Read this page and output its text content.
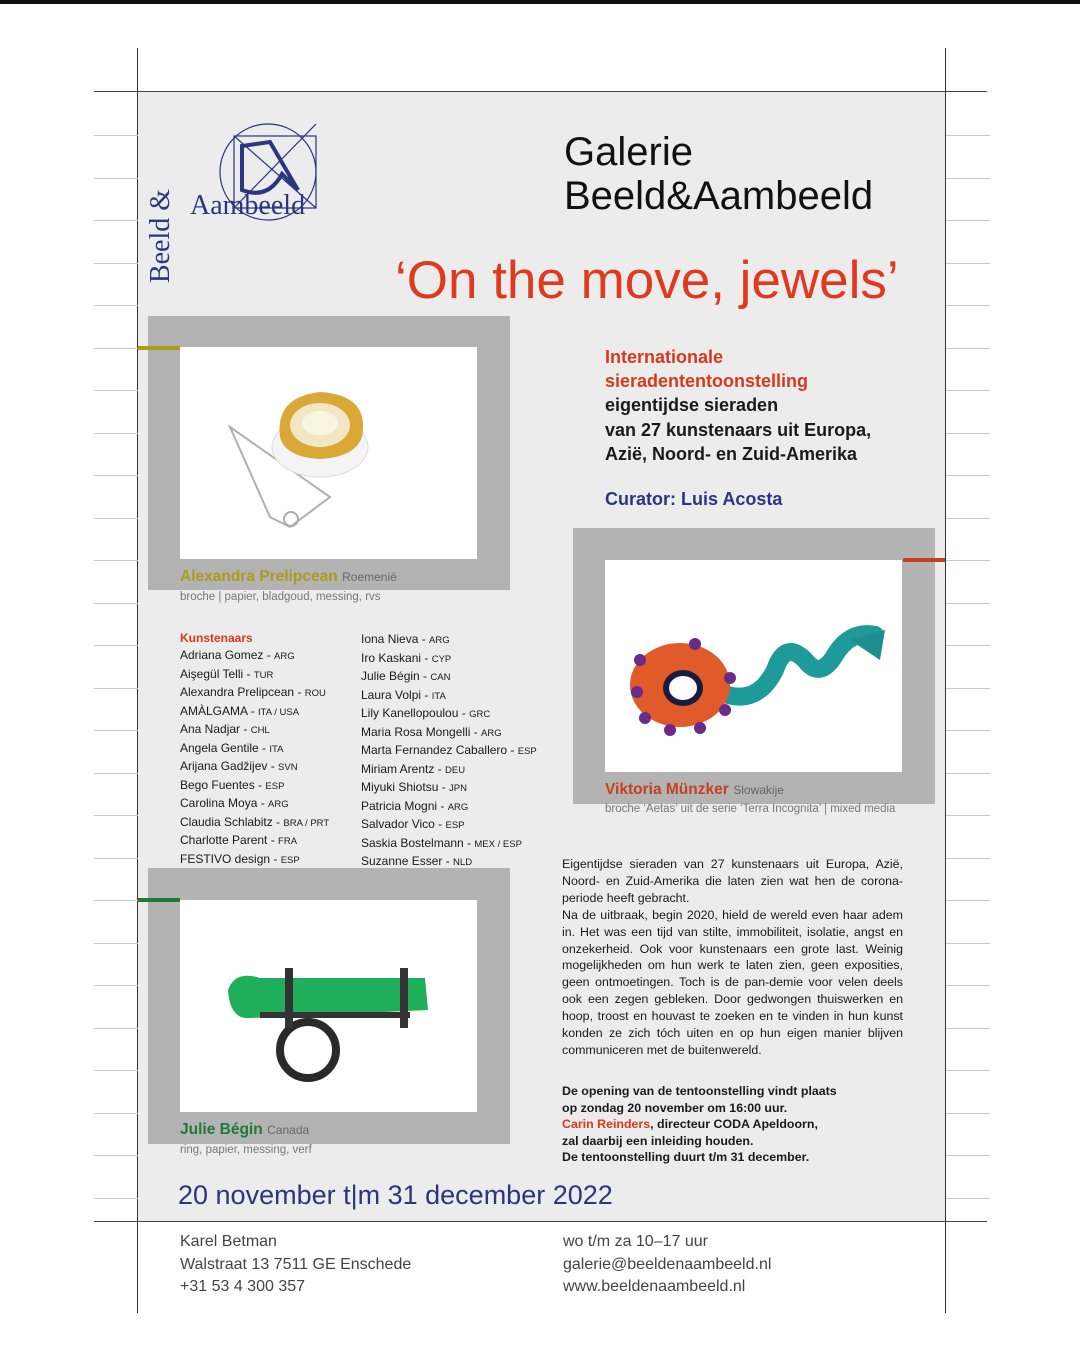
Aambeeld
Beeld &
Galerie
Beeld&Aambeeld
‘On the move, jewels’
Alexandra Prelipcean Roemenië
broche | papier, bladgoud, messing, rvs
Internationale
sieradententoonstelling
eigentijdse sieraden
van 27 kunstenaars uit Europa,
Azië, Noord- en Zuid-Amerika
Curator: Luis Acosta
Viktoria Münzker Slowakije
broche ‘Aetas’ uit de serie ‘Terra Incognita’ | mixed media
Kunstenaars
Adriana Gomez - ARG
Aişegül Telli - TUR
Alexandra Prelipcean - ROU
AMÀLGAMA - ITA / USA
Ana Nadjar - CHL
Angela Gentile - ITA
Arijana Gadžijev - SVN
Bego Fuentes - ESP
Carolina Moya - ARG
Claudia Schlabitz - BRA / PRT
Charlotte Parent - FRA
FESTIVO design - ESP
Iona Nieva - ARG
Iro Kaskani - CYP
Julie Bégin - CAN
Laura Volpi - ITA
Lily Kanellopoulou - GRC
Maria Rosa Mongelli - ARG
Marta Fernandez Caballero - ESP
Miriam Arentz - DEU
Miyuki Shiotsu - JPN
Patricia Mogni - ARG
Salvador Vico - ESP
Saskia Bostelmann - MEX / ESP
Suzanne Esser - NLD
Julie Bégin Canada
ring, papier, messing, verf

Eigentijdse sieraden van 27 kunstenaars uit Europa, Azië, Noord- en Zuid-Amerika die laten zien wat hen de corona-periode heeft gebracht.

Na de uitbraak, begin 2020, hield de wereld even haar adem in. Het was een tijd van stilte, immobiliteit, isolatie, angst en onzekerheid. Ook voor kunstenaars een grote last. Weinig mogelijkheden om hun werk te laten zien, geen exposities, geen ontmoetingen. Toch is de pan-demie voor velen deels ook een zegen gebleken. Door gedwongen thuiswerken en hoop, troost en houvast te zoeken en te vinden in hun kunst konden ze zich tóch uiten en op hun eigen manier blijven communiceren met de buitenwereld.

De opening van de tentoonstelling vindt plaats
op zondag 20 november om 16:00 uur.
Carin Reinders, directeur CODA Apeldoorn,
zal daarbij een inleiding houden.
De tentoonstelling duurt t/m 31 december.
20 november t|m 31 december 2022
Karel Betman
Walstraat 13 7511 GE Enschede
+31 53 4 300 357
wo t/m za 10–17 uur
galerie@beeldenaambeeld.nl
www.beeldenaambeeld.nl
